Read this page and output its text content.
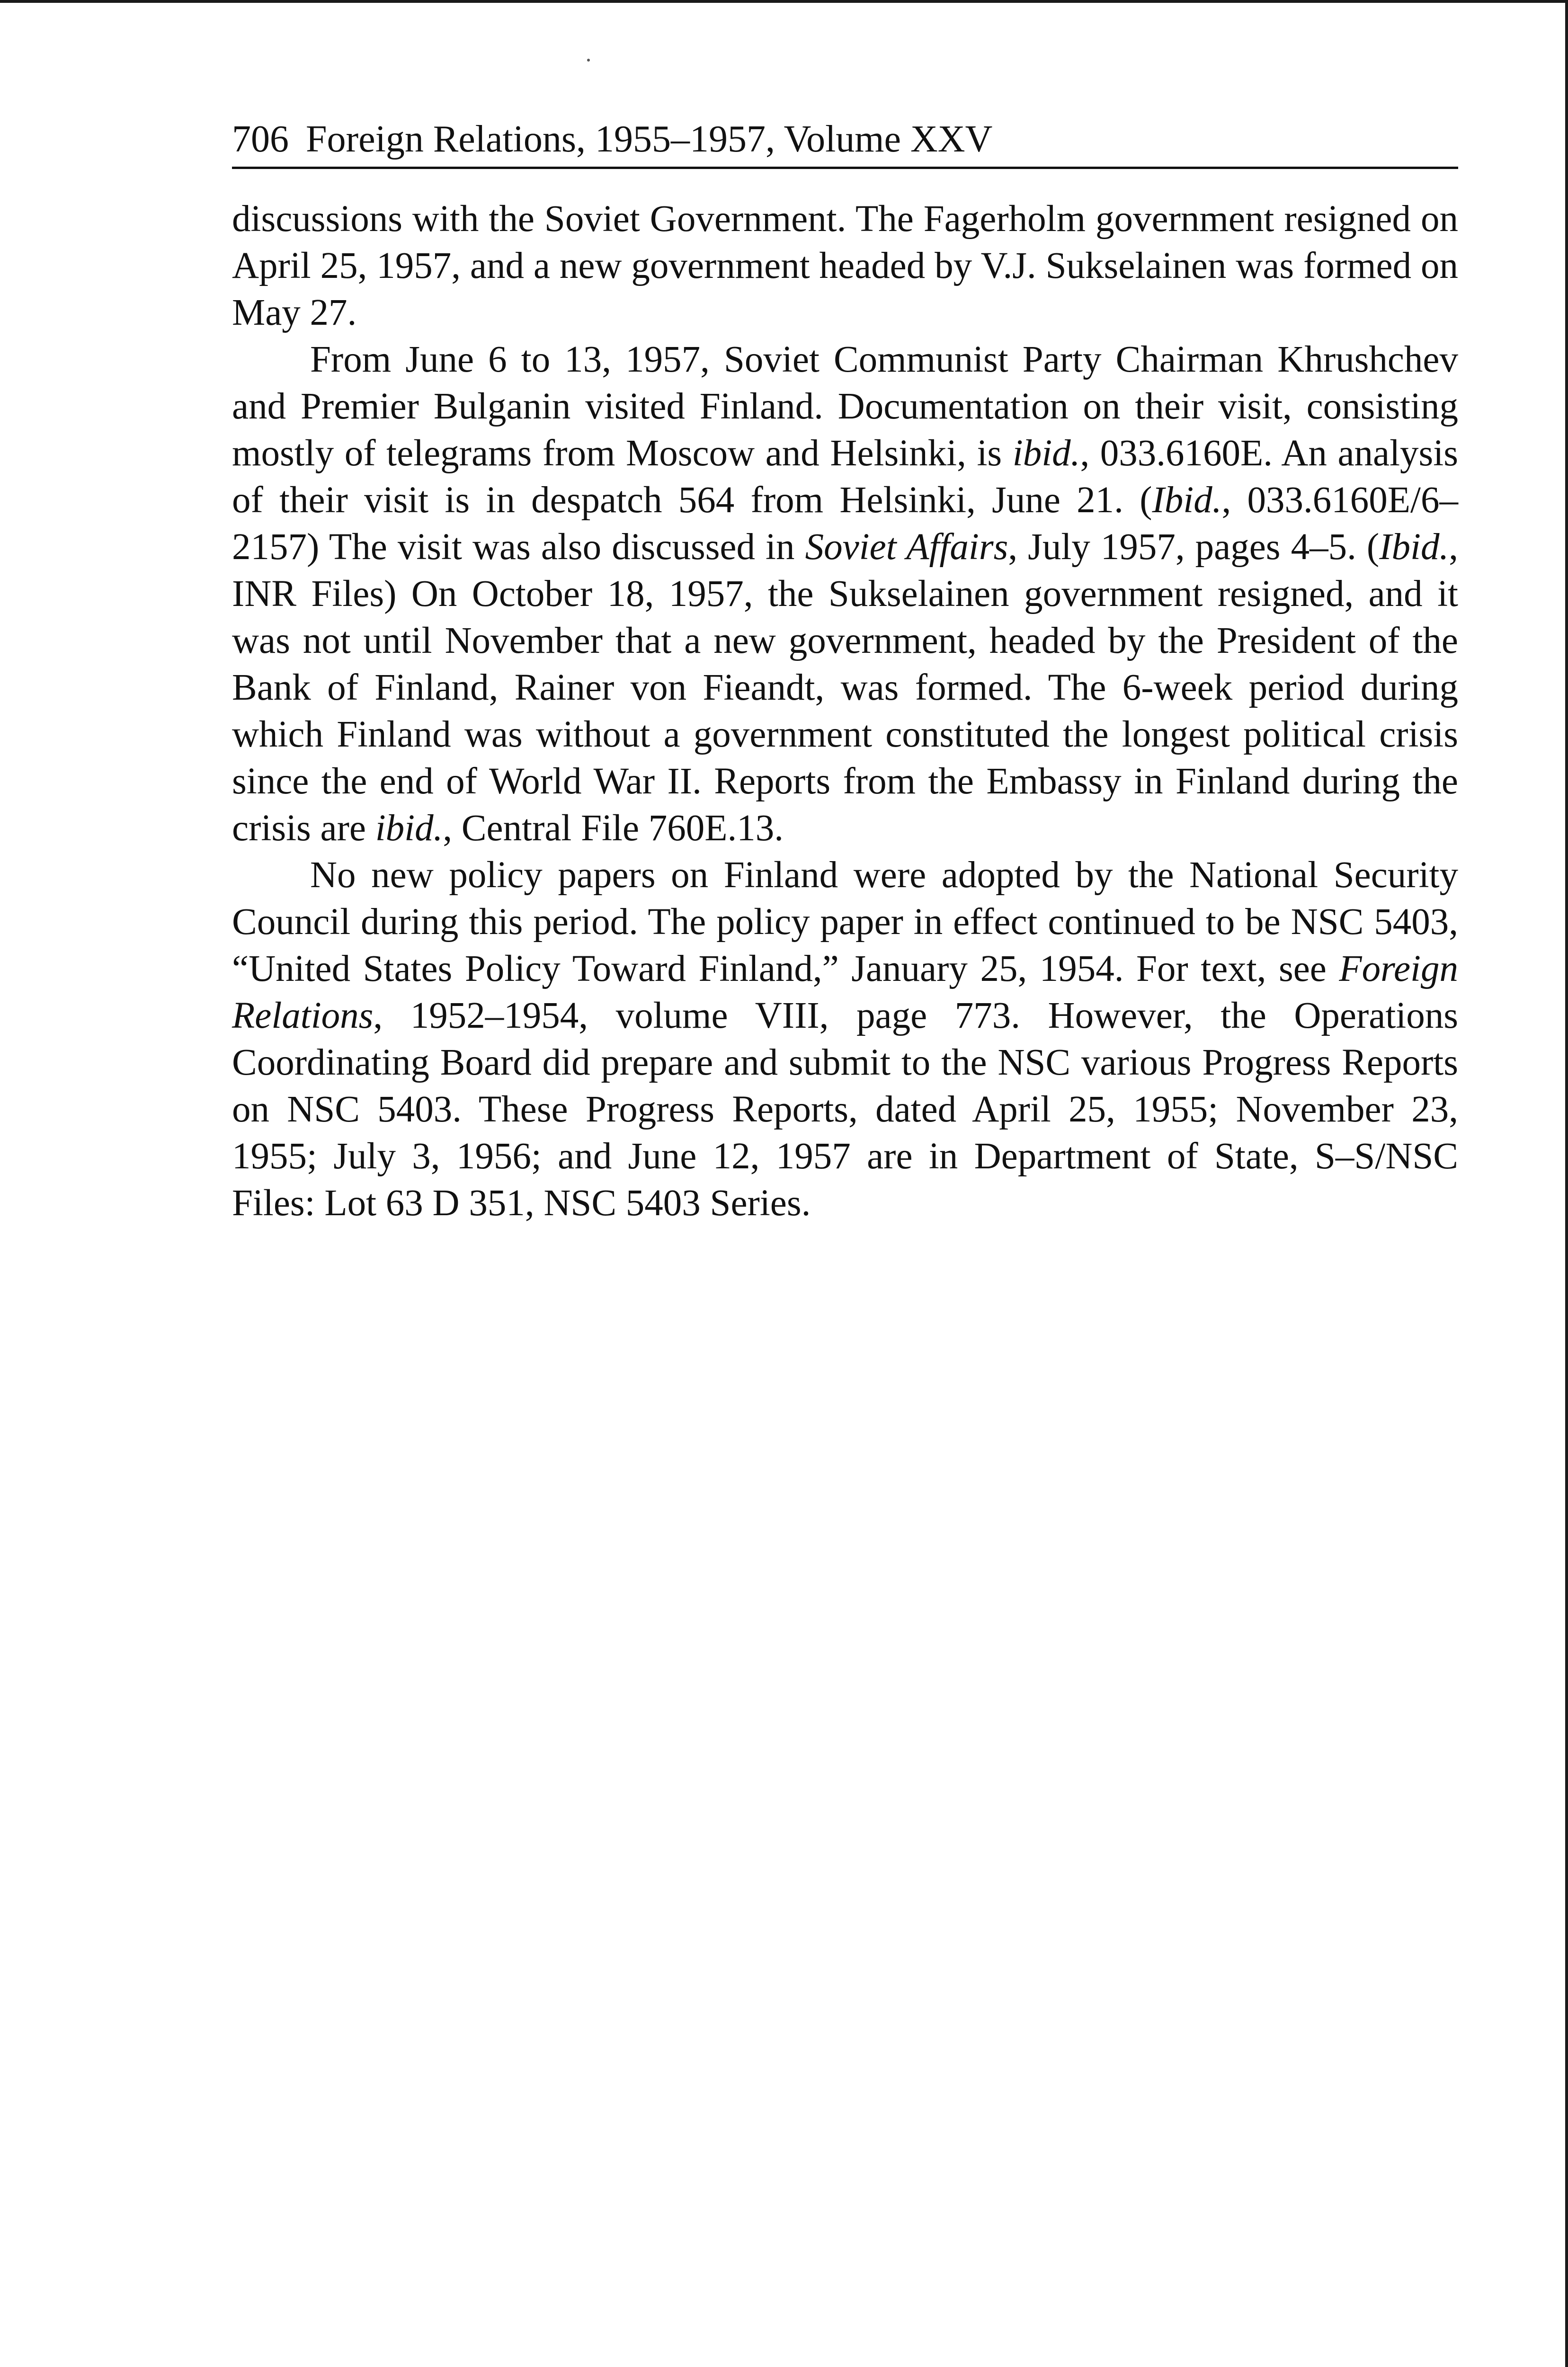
706 Foreign Relations, 1955–1957, Volume XXV

discussions with the Soviet Government. The Fagerholm government resigned on April 25, 1957, and a new government headed by V.J. Sukselainen was formed on May 27.

From June 6 to 13, 1957, Soviet Communist Party Chairman Khrushchev and Premier Bulganin visited Finland. Documentation on their visit, consisting mostly of telegrams from Moscow and Helsinki, is ibid., 033.6160E. An analysis of their visit is in despatch 564 from Helsinki, June 21. (Ibid., 033.6160E/6–2157) The visit was also discussed in Soviet Affairs, July 1957, pages 4–5. (Ibid., INR Files) On October 18, 1957, the Sukselainen government resigned, and it was not until November that a new government, headed by the President of the Bank of Finland, Rainer von Fieandt, was formed. The 6-week period during which Finland was without a government constituted the longest political crisis since the end of World War II. Reports from the Embassy in Finland during the crisis are ibid., Central File 760E.13.

No new policy papers on Finland were adopted by the National Security Council during this period. The policy paper in effect continued to be NSC 5403, “United States Policy Toward Finland,” January 25, 1954. For text, see Foreign Relations, 1952–1954, volume VIII, page 773. However, the Operations Coordinating Board did prepare and submit to the NSC various Progress Reports on NSC 5403. These Progress Reports, dated April 25, 1955; November 23, 1955; July 3, 1956; and June 12, 1957 are in Department of State, S–S/NSC Files: Lot 63 D 351, NSC 5403 Series.
